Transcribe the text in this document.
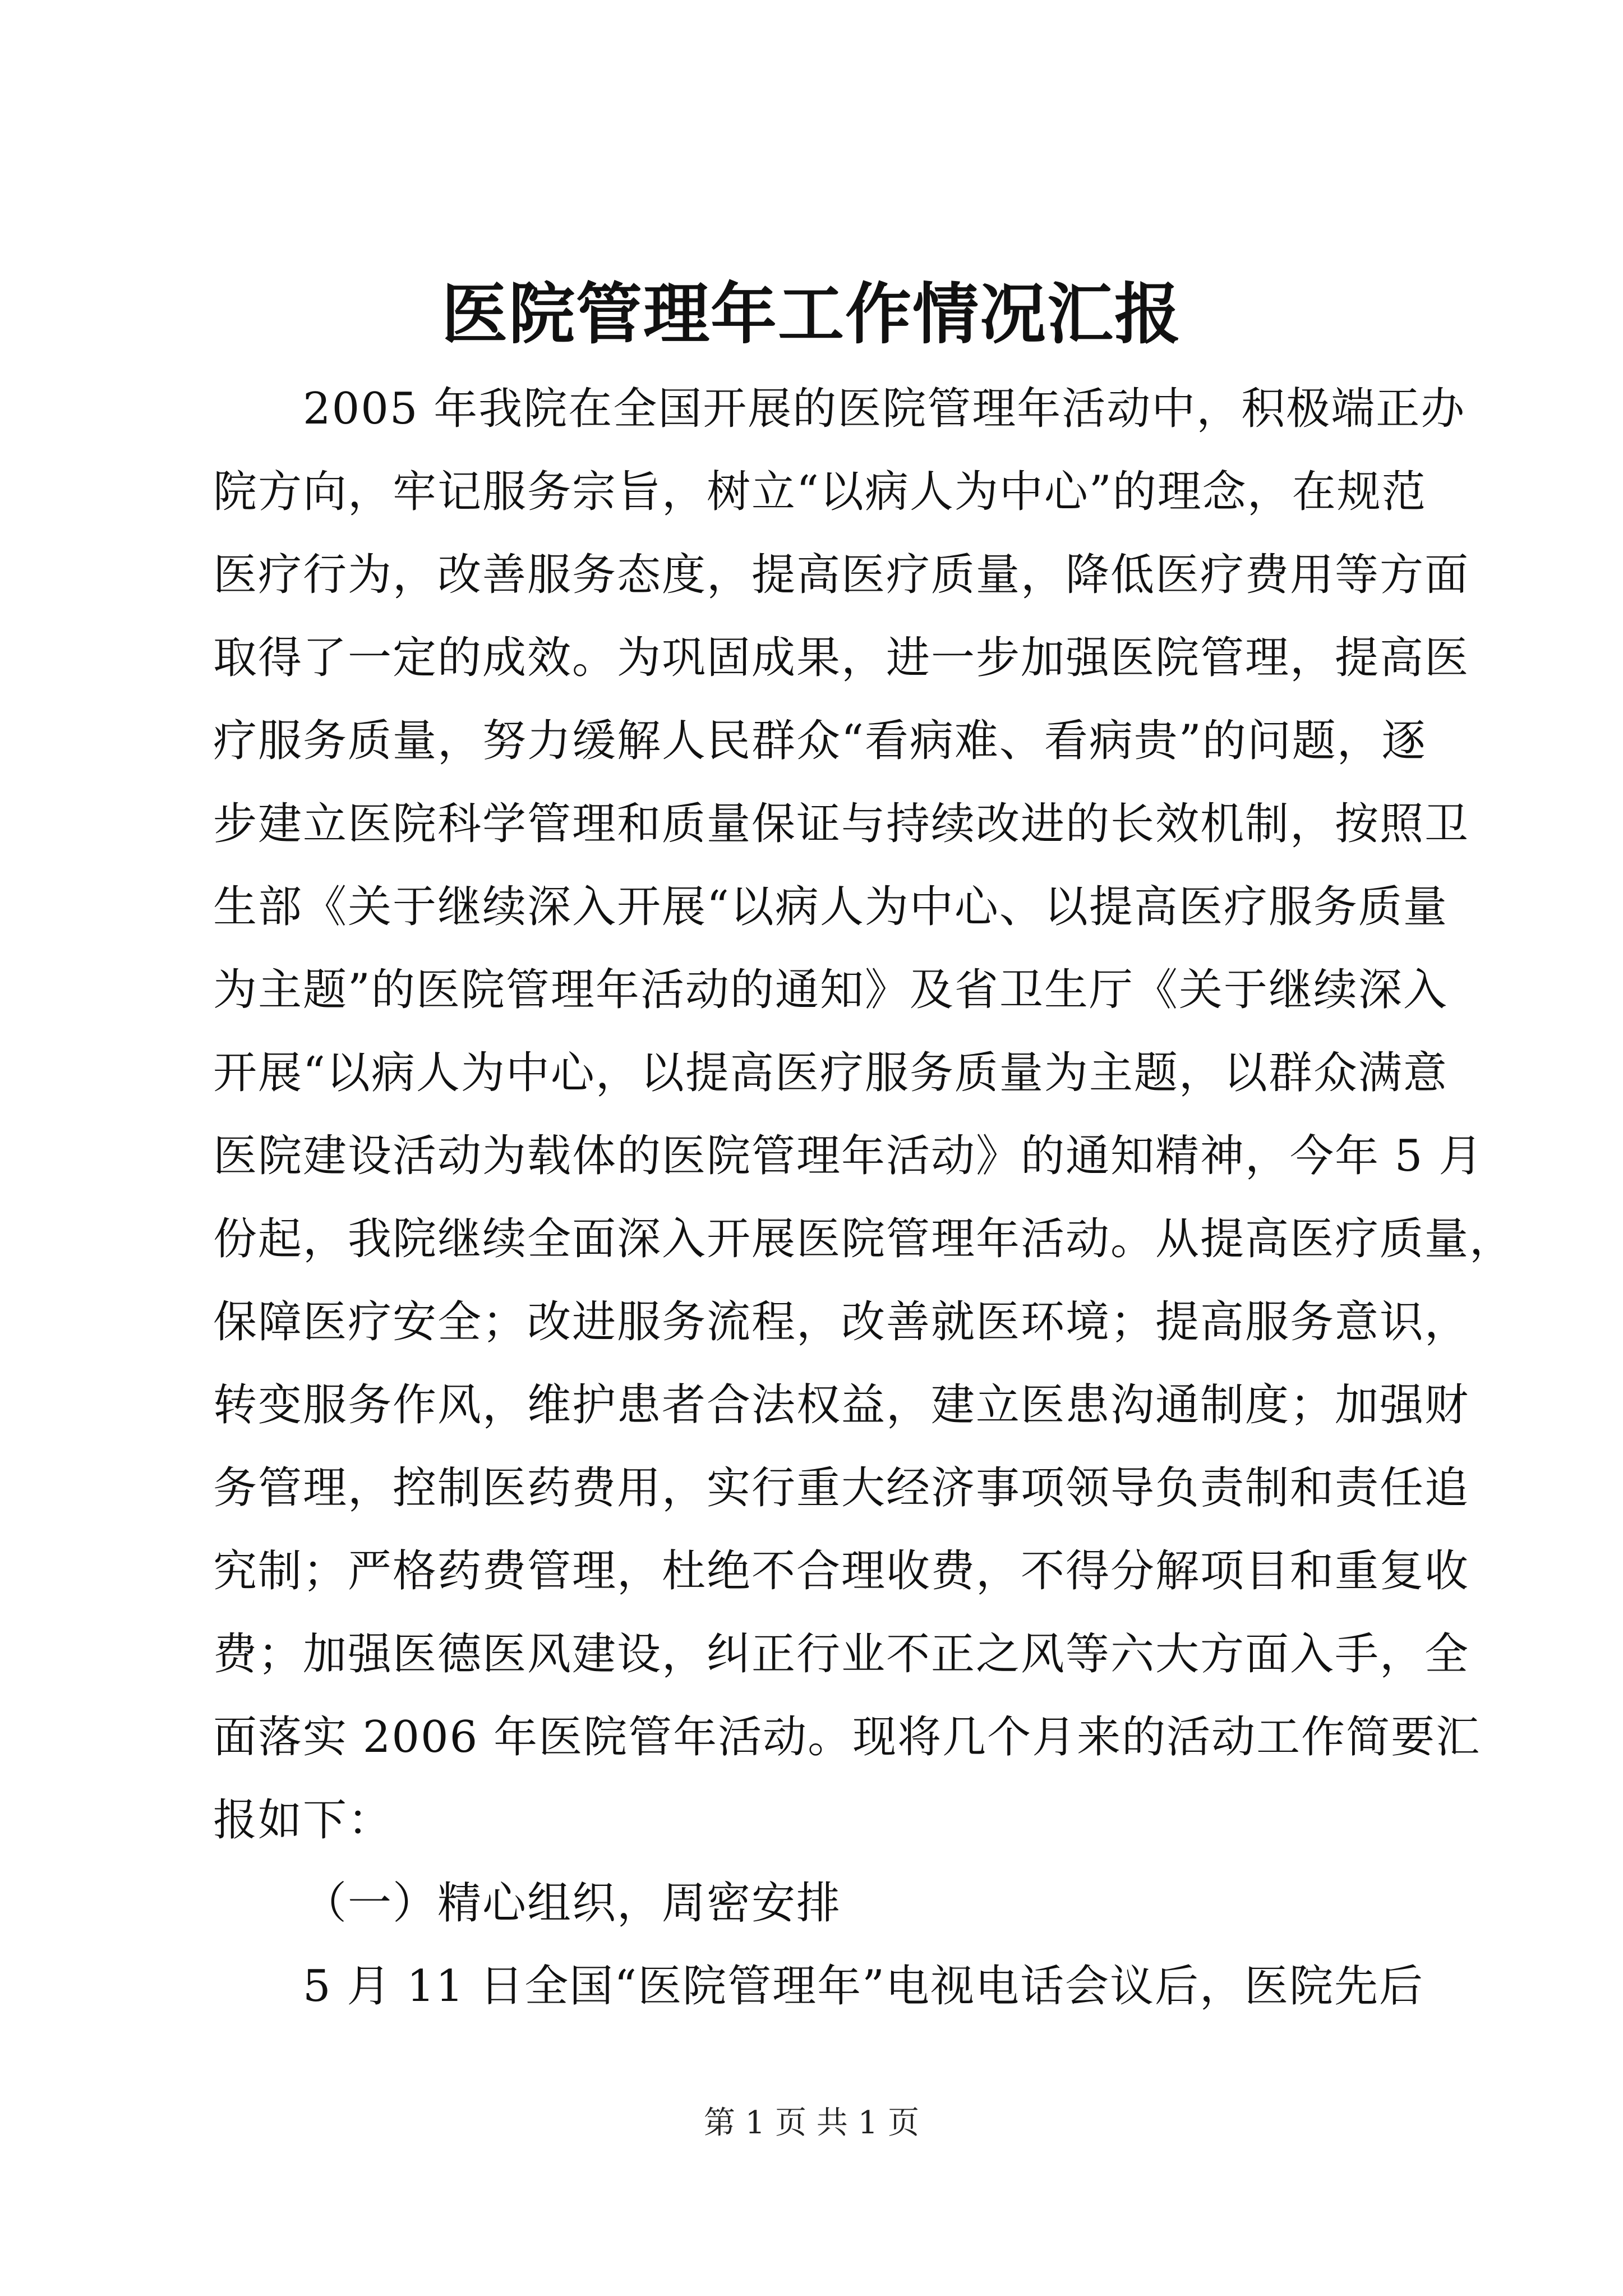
医院管理年工作情况汇报
2005 年我院在全国开展的医院管理年活动中，积极端正办
院方向，牢记服务宗旨，树立“以病人为中心”的理念，在规范
医疗行为，改善服务态度，提高医疗质量，降低医疗费用等方面
取得了一定的成效。为巩固成果，进一步加强医院管理，提高医
疗服务质量，努力缓解人民群众“看病难、看病贵”的问题，逐
步建立医院科学管理和质量保证与持续改进的长效机制，按照卫
生部《关于继续深入开展“以病人为中心、以提高医疗服务质量
为主题”的医院管理年活动的通知》及省卫生厅《关于继续深入
开展“以病人为中心，以提高医疗服务质量为主题，以群众满意
医院建设活动为载体的医院管理年活动》的通知精神，今年 5 月
份起，我院继续全面深入开展医院管理年活动。从提高医疗质量，
保障医疗安全；改进服务流程，改善就医环境；提高服务意识，
转变服务作风，维护患者合法权益，建立医患沟通制度；加强财
务管理，控制医药费用，实行重大经济事项领导负责制和责任追
究制；严格药费管理，杜绝不合理收费，不得分解项目和重复收
费；加强医德医风建设，纠正行业不正之风等六大方面入手，全
面落实 2006 年医院管年活动。现将几个月来的活动工作简要汇
报如下：
（一）精心组织，周密安排
5 月 11 日全国“医院管理年”电视电话会议后，医院先后
第 1 页 共 1 页
